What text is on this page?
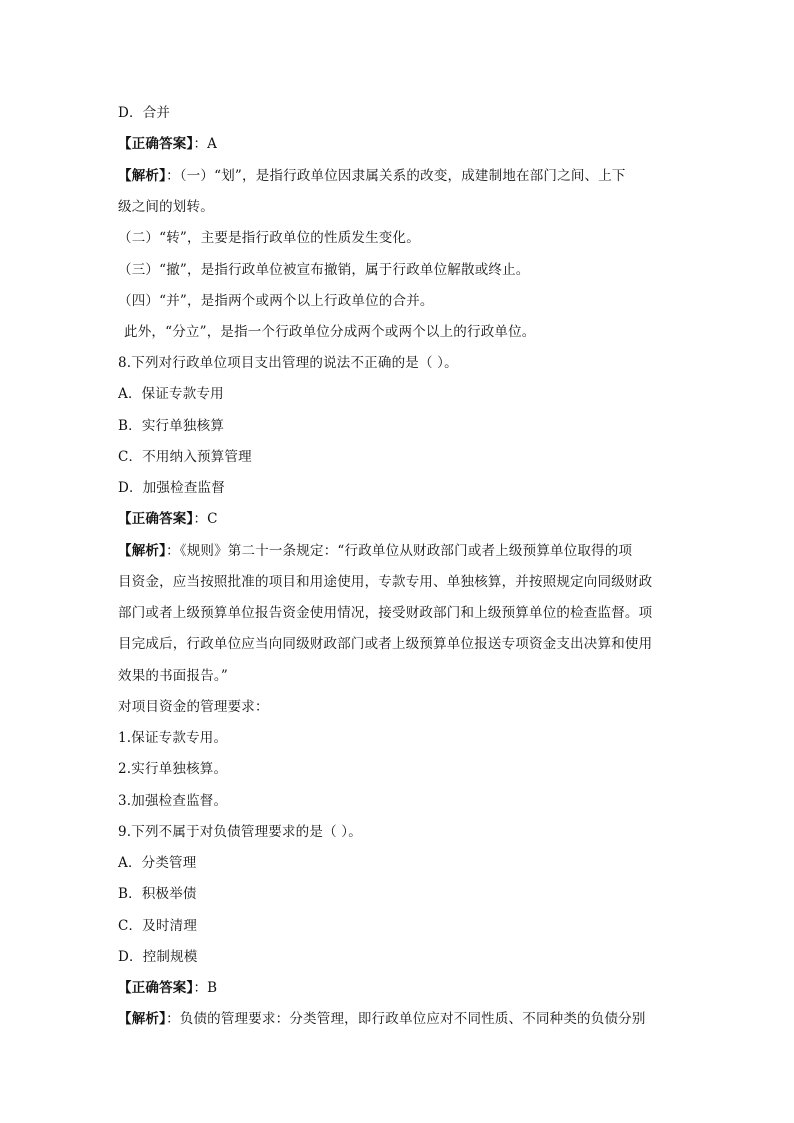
D．合并
【正确答案】：A
【解析】：（一）“划”，是指行政单位因隶属关系的改变，成建制地在部门之间、上下
级之间的划转。
（二）“转”，主要是指行政单位的性质发生变化。
（三）“撤”，是指行政单位被宣布撤销，属于行政单位解散或终止。
（四）“并”，是指两个或两个以上行政单位的合并。
此外，“分立”，是指一个行政单位分成两个或两个以上的行政单位。
8.下列对行政单位项目支出管理的说法不正确的是（ ）。
A．保证专款专用
B．实行单独核算
C．不用纳入预算管理
D．加强检查监督
【正确答案】：C
【解析】：《规则》第二十一条规定：“行政单位从财政部门或者上级预算单位取得的项
目资金，应当按照批准的项目和用途使用，专款专用、单独核算，并按照规定向同级财政
部门或者上级预算单位报告资金使用情况，接受财政部门和上级预算单位的检查监督。项
目完成后，行政单位应当向同级财政部门或者上级预算单位报送专项资金支出决算和使用
效果的书面报告。”
对项目资金的管理要求：
1.保证专款专用。
2.实行单独核算。
3.加强检查监督。
9.下列不属于对负债管理要求的是（ ）。
A．分类管理
B．积极举债
C．及时清理
D．控制规模
【正确答案】：B
【解析】：负债的管理要求：分类管理，即行政单位应对不同性质、不同种类的负债分别
